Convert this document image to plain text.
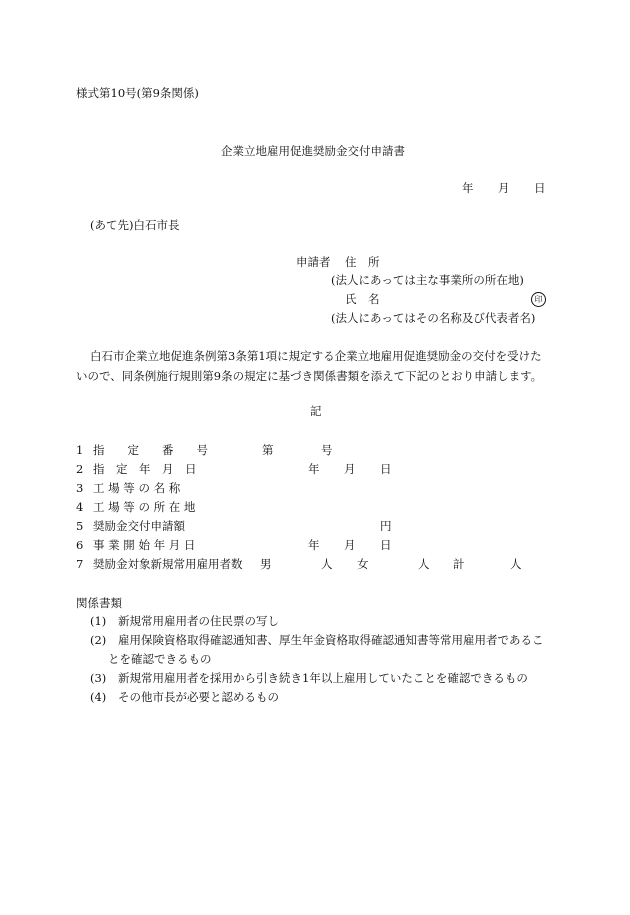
様式第10号(第9条関係)
企業立地雇用促進奨励金交付申請書
年 月 日
(あて先)白石市長
申請者 住　所
(法人にあっては主な事業所の所在地)
氏　名	印
(法人にあってはその名称及び代表者名)

白石市企業立地促進条例第3条第1項に規定する企業立地雇用促進奨励金の交付を受けた

いので、同条例施行規則第9条の規定に基づき関係書類を添えて下記のとおり申請します。
記
1 指　　定　　番　　号	第	号
2 指　定　年　月　日	年 月 日
3 工 場 等 の 名 称
4 工 場 等 の 所 在 地
5 奨励金交付申請額	円
6 事 業 開 始 年 月 日	年 月 日
7 奨励金対象新規常用雇用者数 男	人 女	人 計	人
関係書類
(1) 新規常用雇用者の住民票の写し
(2) 雇用保険資格取得確認通知書、厚生年金資格取得確認通知書等常用雇用者であるこ
とを確認できるもの
(3) 新規常用雇用者を採用から引き続き1年以上雇用していたことを確認できるもの
(4) その他市長が必要と認めるもの
